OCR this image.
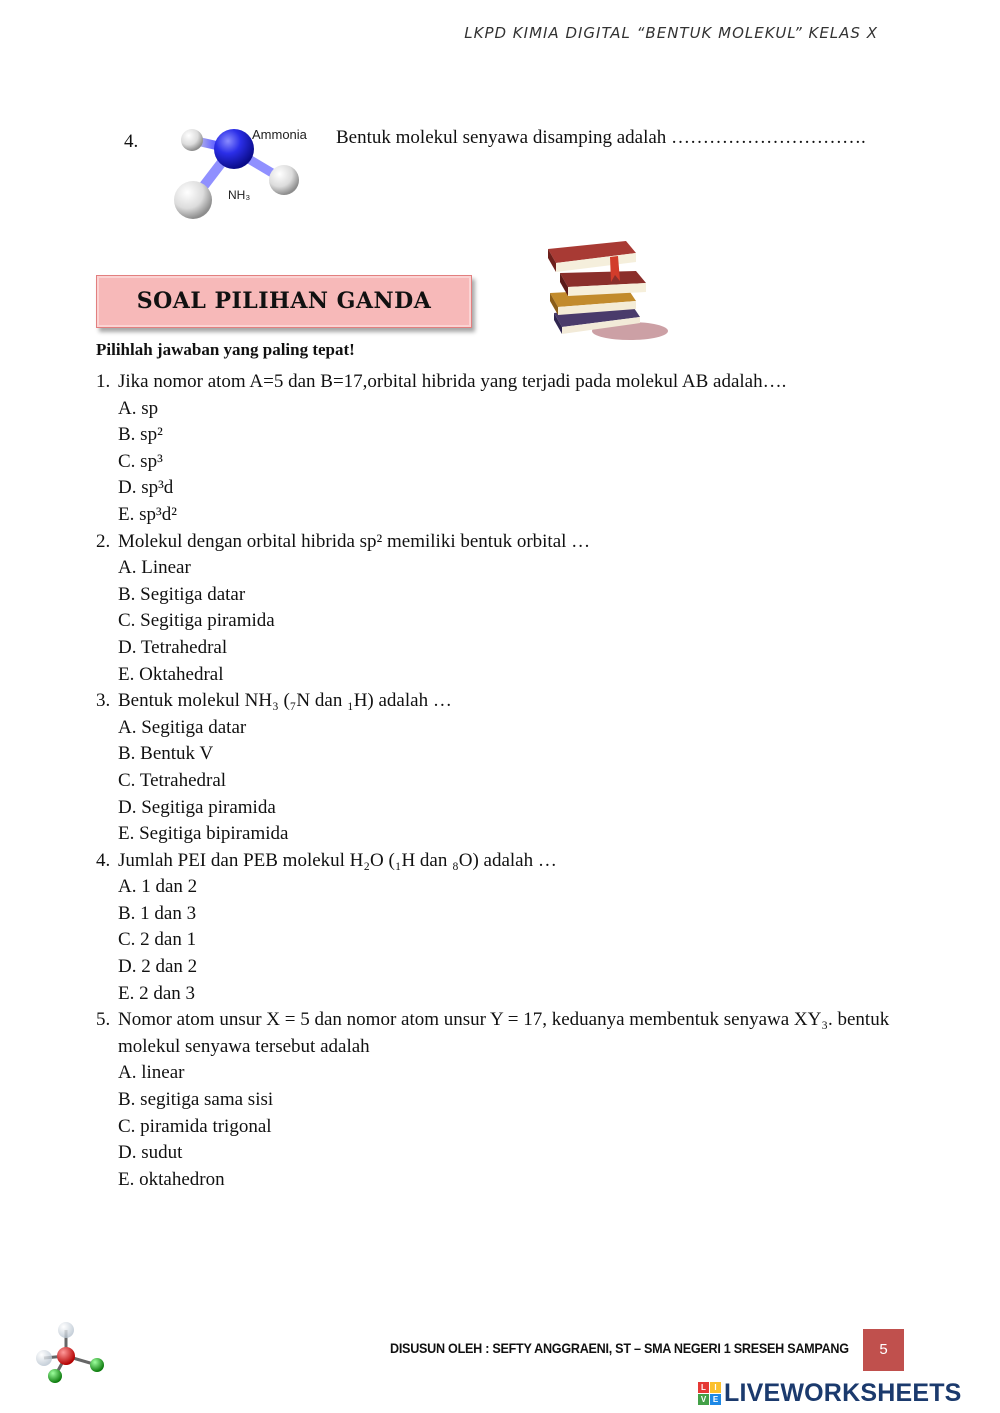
LKPD KIMIA DIGITAL “BENTUK MOLEKUL” KELAS X
4.	Ammonia
NH₃
Bentuk molekul senyawa disamping adalah ………………………….
SOAL PILIHAN GANDA
Pilihlah jawaban yang paling tepat!
1. Jika nomor atom A=5 dan B=17,orbital hibrida yang terjadi pada molekul AB adalah….
A. sp
B. sp²
C. sp³
D. sp³d
E. sp³d²
2. Molekul dengan orbital hibrida sp² memiliki bentuk orbital …
A. Linear
B. Segitiga datar
C. Segitiga piramida
D. Tetrahedral
E. Oktahedral
3. Bentuk molekul NH₃ (₇N dan ₁H) adalah …
A. Segitiga datar
B. Bentuk V
C. Tetrahedral
D. Segitiga piramida
E. Segitiga bipiramida
4. Jumlah PEI dan PEB molekul H₂O (₁H dan ₈O) adalah …
A. 1 dan 2
B. 1 dan 3
C. 2 dan 1
D. 2 dan 2
E. 2 dan 3
5. Nomor atom unsur X = 5 dan nomor atom unsur Y = 17, keduanya membentuk senyawa XY₃. bentuk molekul senyawa tersebut adalah
A. linear
B. segitiga sama sisi
C. piramida trigonal
D. sudut
E. oktahedron
DISUSUN OLEH : SEFTY ANGGRAENI, ST – SMA NEGERI 1 SRESEH SAMPANG	5
L	I
V E LIVEWORKSHEETS
